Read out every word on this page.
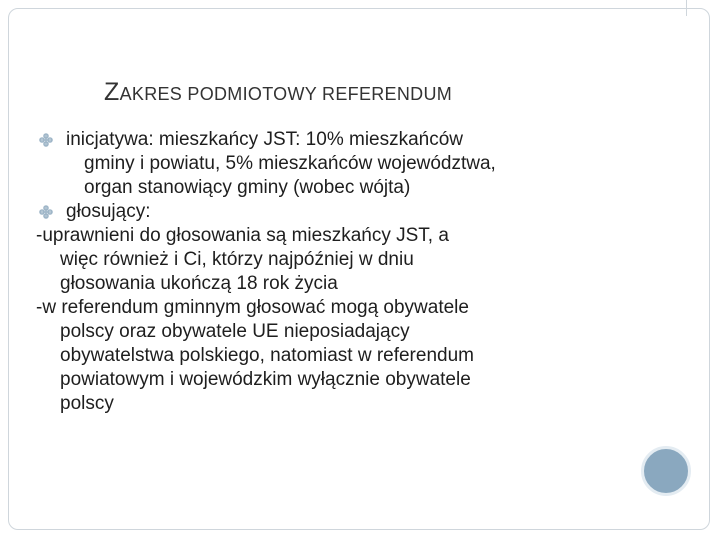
ZAKRES PODMIOTOWY REFERENDUM
inicjatywa: mieszkańcy JST: 10% mieszkańców
gminy i powiatu, 5% mieszkańców województwa,
organ stanowiący gminy (wobec wójta)
głosujący:
-uprawnieni do głosowania są mieszkańcy JST, a
więc również i Ci, którzy najpóźniej w dniu
głosowania ukończą 18 rok życia
-w referendum gminnym głosować mogą obywatele
polscy oraz obywatele UE nieposiadający
obywatelstwa polskiego, natomiast w referendum
powiatowym i wojewódzkim wyłącznie obywatele
polscy
